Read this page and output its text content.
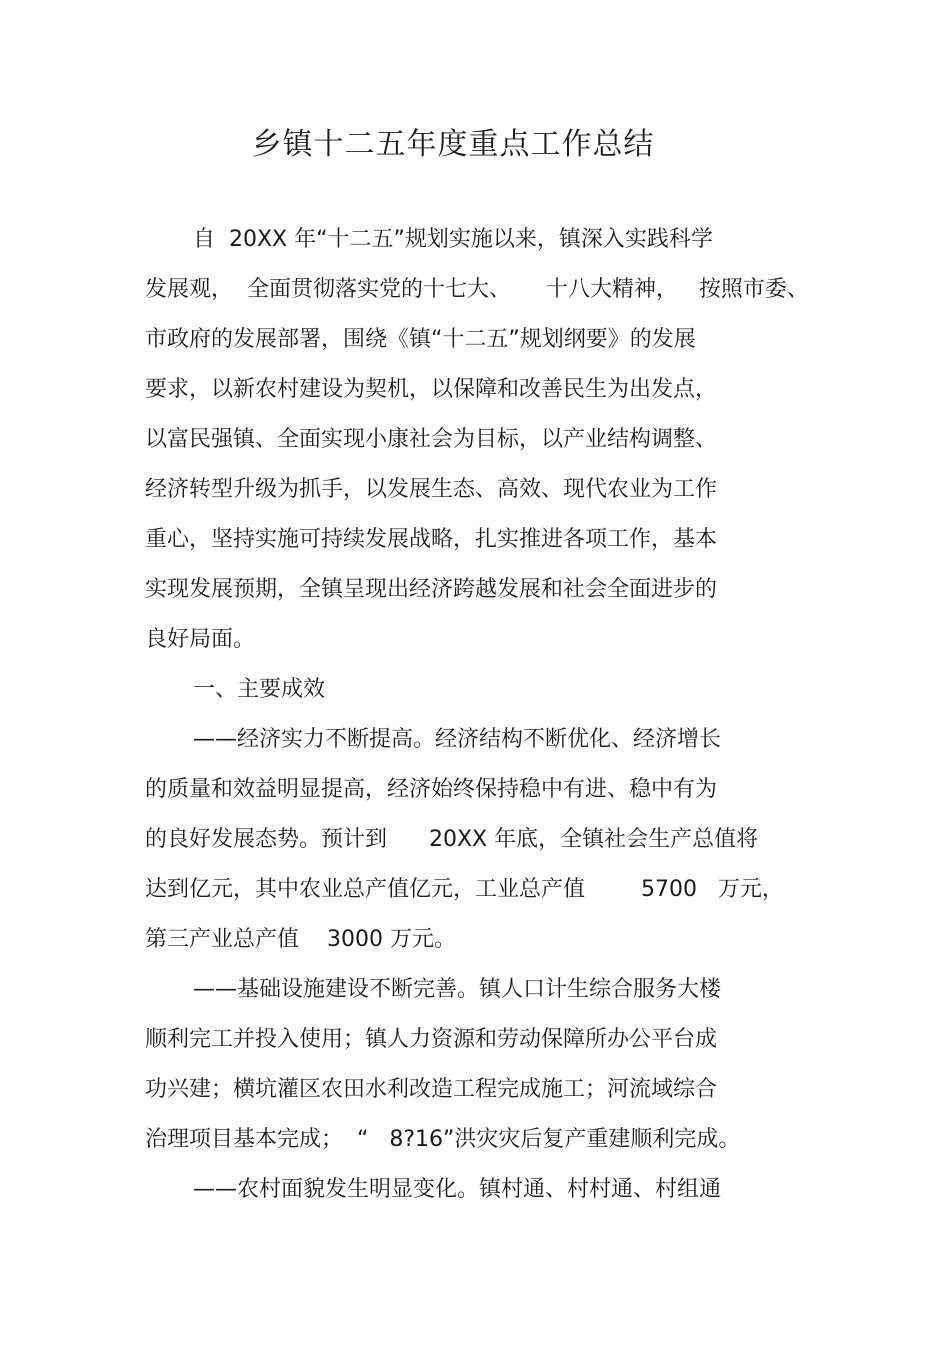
乡镇十二五年度重点工作总结

自  20XX 年“十二五”规划实施以来，镇深入实践科学

发展观，  全面贯彻落实党的十七大、     十八大精神，   按照市委、

市政府的发展部署，围绕《镇“十二五”规划纲要》的发展

要求，以新农村建设为契机，以保障和改善民生为出发点，

以富民强镇、全面实现小康社会为目标，以产业结构调整、

经济转型升级为抓手，以发展生态、高效、现代农业为工作

重心，坚持实施可持续发展战略，扎实推进各项工作，基本

实现发展预期，全镇呈现出经济跨越发展和社会全面进步的

良好局面。

一、主要成效

——经济实力不断提高。经济结构不断优化、经济增长

的质量和效益明显提高，经济始终保持稳中有进、稳中有为

的良好发展态势。预计到      20XX 年底，全镇社会生产总值将

达到亿元，其中农业总产值亿元，工业总产值        5700   万元，

第三产业总产值    3000 万元。

——基础设施建设不断完善。镇人口计生综合服务大楼

顺利完工并投入使用；镇人力资源和劳动保障所办公平台成

功兴建；横坑灌区农田水利改造工程完成施工；河流域综合

治理项目基本完成；  “   8?16”洪灾灾后复产重建顺利完成。

——农村面貌发生明显变化。镇村通、村村通、村组通
